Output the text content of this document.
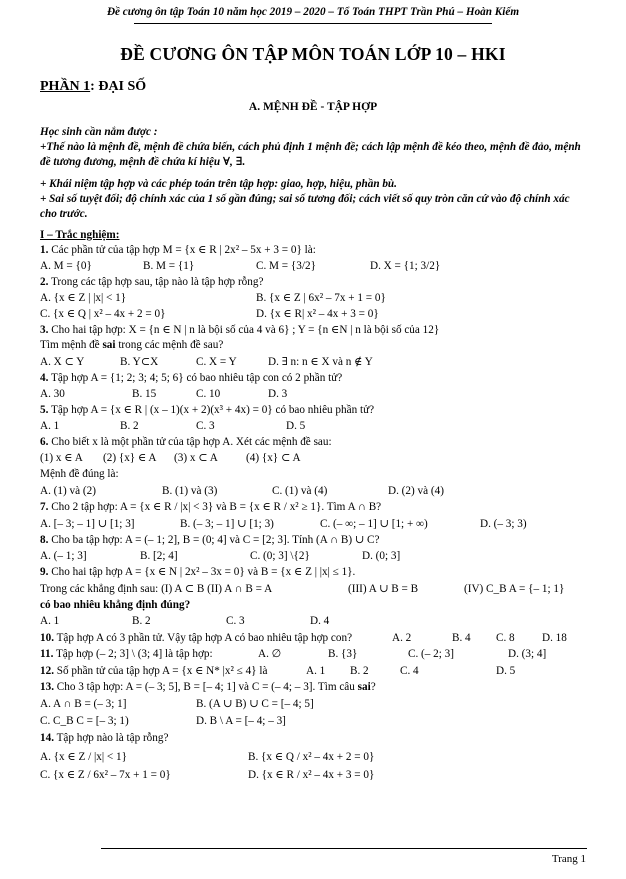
Đề cương ôn tập Toán 10 năm học 2019 – 2020 – Tổ Toán THPT Trần Phú – Hoàn Kiếm
ĐỀ CƯƠNG ÔN TẬP MÔN TOÁN LỚP 10 – HKI
PHẦN 1: ĐẠI SỐ
A. MỆNH ĐỀ - TẬP HỢP
Học sinh cần nắm được :
+Thế nào là mệnh đề, mệnh đề chứa biến, cách phủ định 1 mệnh đề; cách lập mệnh đề kéo theo, mệnh đề đảo, mệnh đề tương đương, mệnh đề chứa kí hiệu ∀, ∃.
+ Khái niệm tập hợp và các phép toán trên tập hợp: giao, hợp, hiệu, phần bù.
+ Sai số tuyệt đối; độ chính xác của 1 số gần đúng; sai số tương đối; cách viết số quy tròn căn cứ vào độ chính xác cho trước.
I – Trắc nghiệm:
1. Các phần tử của tập hợp M = {x ∈ R | 2x² – 5x + 3 = 0} là:
A. M = {0}	B. M = {1}	C. M = {3/2}	D. X = {1; 3/2}
2. Trong các tập hợp sau, tập nào là tập hợp rỗng?
A. {x ∈ Z | |x| < 1}	B. {x ∈ Z | 6x² – 7x + 1 = 0}
C. {x ∈ Q | x² – 4x + 2 = 0}	D. {x ∈ R| x² – 4x + 3 = 0}
3. Cho hai tập hợp: X = {n ∈ N | n là bội số của 4 và 6} ; Y = {n ∈N | n là bội số của 12}
Tìm mệnh đề sai trong các mệnh đề sau?
A. X ⊂ Y	B. Y⊂X	C. X = Y	D. ∃ n: n ∈ X và n ∉ Y
4. Tập hợp A = {1; 2; 3; 4; 5; 6} có bao nhiêu tập con có 2 phần tử?
A. 30	B. 15	C. 10	D. 3
5. Tập hợp A = {x ∈ R | (x – 1)(x + 2)(x³ + 4x) = 0} có bao nhiêu phần tử?
A. 1	B. 2	C. 3	D. 5
6. Cho biết x là một phần tử của tập hợp A. Xét các mệnh đề sau:
(1) x ∈ A (2) {x} ∈ A (3) x ⊂ A	(4) {x} ⊂ A
Mệnh đề đúng là:
A. (1) và (2)	B. (1) và (3)	C. (1) và (4)	D. (2) và (4)
7. Cho 2 tập hợp: A = {x ∈ R / |x| < 3} và B = {x ∈ R / x² ≥ 1}. Tìm A ∩ B?
A. [– 3; – 1] ∪ [1; 3]	B. (– 3; – 1] ∪ [1; 3)	C. (– ∞; – 1] ∪ [1; + ∞)	D. (– 3; 3)
8. Cho ba tập hợp: A = (– 1; 2], B = (0; 4] và C = [2; 3]. Tính (A ∩ B) ∪ C?
A. (– 1; 3]	B. [2; 4]	C. (0; 3] \{2}	D. (0; 3]
9. Cho hai tập hợp A = {x ∈ N | 2x² – 3x = 0} và B = {x ∈ Z | |x| ≤ 1}.
Trong các khẳng định sau: (I) A ⊂ B (II) A ∩ B = A	(III) A ∪ B = B	(IV) C_B A = {– 1; 1}
có bao nhiêu khẳng định đúng?
A. 1	B. 2	C. 3	D. 4
10. Tập hợp A có 3 phần tử. Vậy tập hợp A có bao nhiêu tập hợp con?	A. 2	B. 4 C. 8 D. 18
11. Tập hợp (– 2; 3] \ (3; 4] là tập hợp:	A. ∅	B. {3}	C. (– 2; 3]	D. (3; 4]
12. Số phần tử của tập hợp A = {x ∈ N* |x² ≤ 4} là	A. 1 B. 2	C. 4	D. 5
13. Cho 3 tập hợp: A = (– 3; 5], B = [– 4; 1] và C = (– 4; – 3]. Tìm câu sai?
A. A ∩ B = (– 3; 1]	B. (A ∪ B) ∪ C = [– 4; 5]
C. C_B C = [– 3; 1)	D. B \ A = [– 4; – 3]
14. Tập hợp nào là tập rỗng?
A. {x ∈ Z / |x| < 1}	B. {x ∈ Q / x² – 4x + 2 = 0}
C. {x ∈ Z / 6x² – 7x + 1 = 0}	D. {x ∈ R / x² – 4x + 3 = 0}
Trang 1
